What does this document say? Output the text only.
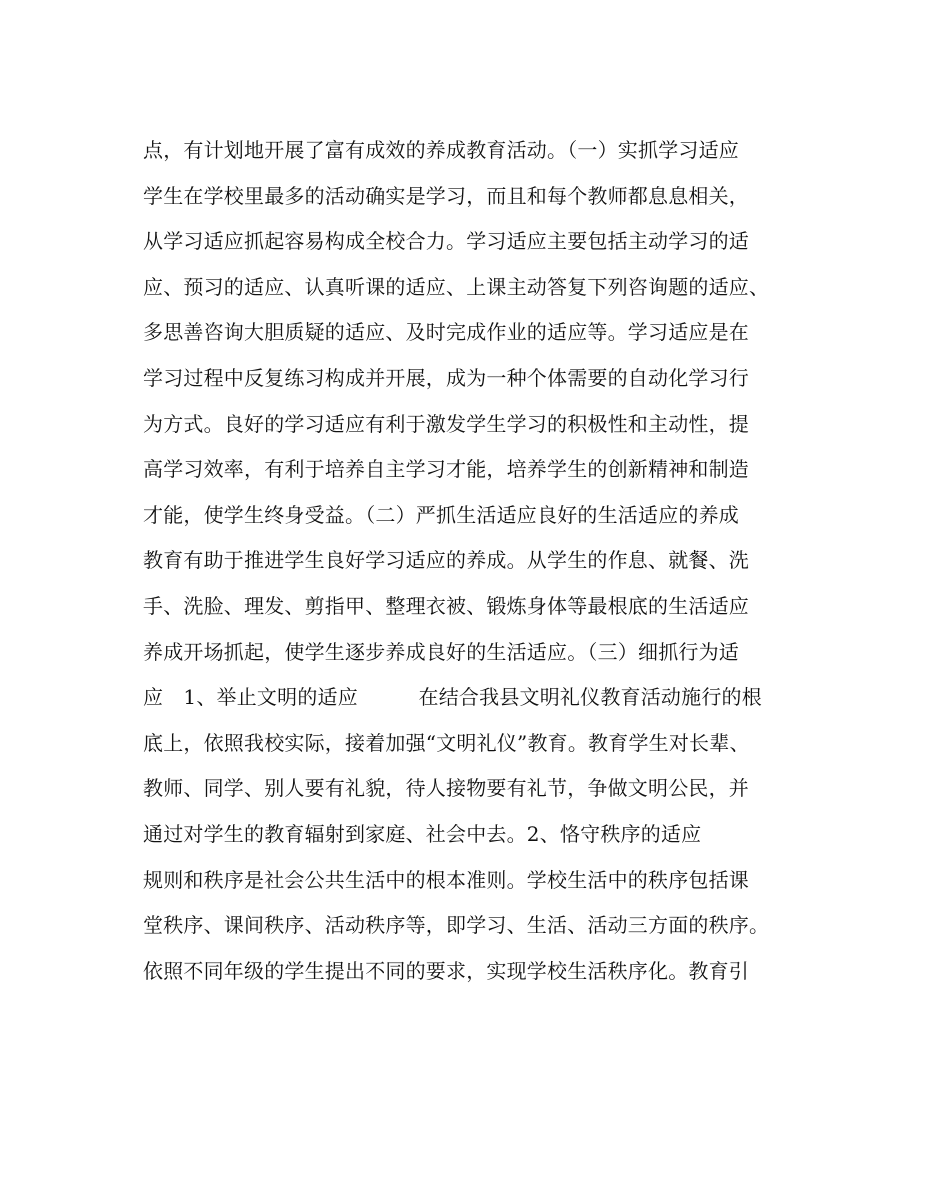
点，有计划地开展了富有成效的养成教育活动。（一）实抓学习适应
学生在学校里最多的活动确实是学习，而且和每个教师都息息相关，
从学习适应抓起容易构成全校合力。学习适应主要包括主动学习的适
应、预习的适应、认真听课的适应、上课主动答复下列咨询题的适应、
多思善咨询大胆质疑的适应、及时完成作业的适应等。学习适应是在
学习过程中反复练习构成并开展，成为一种个体需要的自动化学习行
为方式。良好的学习适应有利于激发学生学习的积极性和主动性，提
高学习效率，有利于培养自主学习才能，培养学生的创新精神和制造
才能，使学生终身受益。（二）严抓生活适应良好的生活适应的养成
教育有助于推进学生良好学习适应的养成。从学生的作息、就餐、洗
手、洗脸、理发、剪指甲、整理衣被、锻炼身体等最根底的生活适应
养成开场抓起，使学生逐步养成良好的生活适应。（三）细抓行为适
应　1、举止文明的适应　　　在结合我县文明礼仪教育活动施行的根
底上，依照我校实际，接着加强“文明礼仪”教育。教育学生对长辈、
教师、同学、别人要有礼貌，待人接物要有礼节，争做文明公民，并
通过对学生的教育辐射到家庭、社会中去。2、恪守秩序的适应
规则和秩序是社会公共生活中的根本准则。学校生活中的秩序包括课
堂秩序、课间秩序、活动秩序等，即学习、生活、活动三方面的秩序。
依照不同年级的学生提出不同的要求，实现学校生活秩序化。教育引
